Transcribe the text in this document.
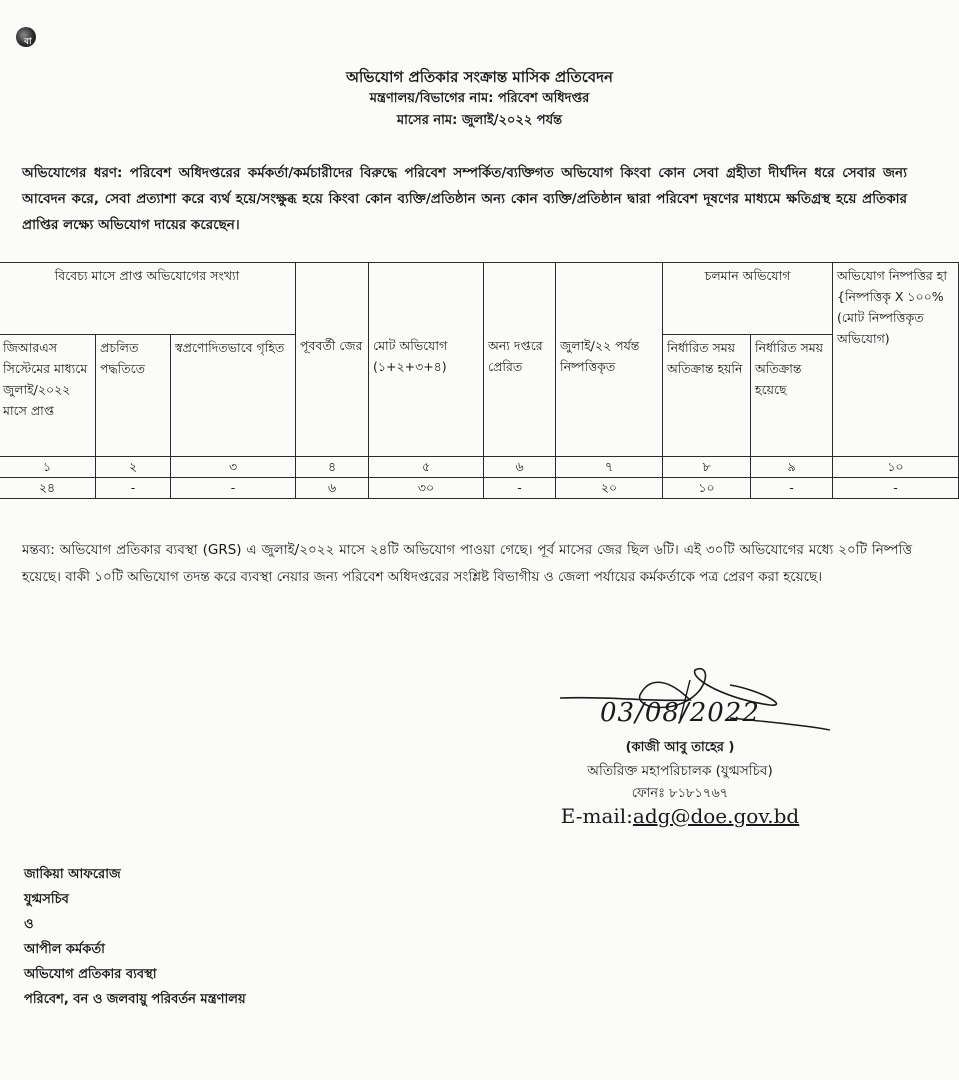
বা
অভিযোগ প্রতিকার সংক্রান্ত মাসিক প্রতিবেদন
মন্ত্রণালয়/বিভাগের নাম: পরিবেশ অধিদপ্তর
মাসের নাম: জুলাই/২০২২ পর্যন্ত
অভিযোগের ধরণ: পরিবেশ অধিদপ্তরের কর্মকর্তা/কর্মচারীদের বিরুদ্ধে পরিবেশ সম্পর্কিত/ব্যক্তিগত অভিযোগ কিংবা কোন সেবা গ্রহীতা দীর্ঘদিন ধরে সেবার জন্য আবেদন করে, সেবা প্রত্যাশা করে ব্যর্থ হয়ে/সংক্ষুব্ধ হয়ে কিংবা কোন ব্যক্তি/প্রতিষ্ঠান অন্য কোন ব্যক্তি/প্রতিষ্ঠান দ্বারা পরিবেশ দূষণের মাধ্যমে ক্ষতিগ্রস্থ হয়ে প্রতিকার প্রাপ্তির লক্ষ্যে অভিযোগ দায়ের করেছেন।
বিবেচ্য মাসে প্রাপ্ত অভিযোগের সংখ্যা			পূববর্তী জের	মোট অভিযোগ (১+২+৩+৪)	অন্য দপ্তরে প্রেরিত	জুলাই/২২ পর্যন্ত নিষ্পত্তিকৃত	চলমান অভিযোগ		অভিযোগ নিষ্পত্তির হা {নিষ্পত্তিকৃ X ১০০% (মোট নিষ্পত্তিকৃত অভিযোগ)
জিআরএস সিস্টেমের মাধ্যমে জুলাই/২০২২ মাসে প্রাপ্ত	প্রচলিত পদ্ধতিতে	স্বপ্রণোদিতভাবে গৃহিত					নির্ধারিত সময় অতিক্রান্ত হয়নি	নির্ধারিত সময় অতিক্রান্ত হয়েছে	
১	২	৩	৪	৫	৬	৭	৮	৯	১০
২৪	-	-	৬	৩০	-	২০	১০	-	-
মন্তব্য: অভিযোগ প্রতিকার ব্যবস্থা (GRS) এ জুলাই/২০২২ মাসে ২৪টি অভিযোগ পাওয়া গেছে। পূর্ব মাসের জের ছিল ৬টি। এই ৩০টি অভিযোগের মধ্যে ২০টি নিষ্পত্তি হয়েছে। বাকী ১০টি অভিযোগ তদন্ত করে ব্যবস্থা নেয়ার জন্য পরিবেশ অধিদপ্তরের সংশ্লিষ্ট বিভাগীয় ও জেলা পর্যায়ের কর্মকর্তাকে পত্র প্রেরণ করা হয়েছে।
03/08/2022
(কাজী আবু তাহের )
অতিরিক্ত মহাপরিচালক (যুগ্মসচিব)
ফোনঃ ৮১৮১৭৬৭
E-mail:adg@doe.gov.bd
জাকিয়া আফরোজ
যুগ্মসচিব
ও
আপীল কর্মকর্তা
অভিযোগ প্রতিকার ব্যবস্থা
পরিবেশ, বন ও জলবায়ু পরিবর্তন মন্ত্রণালয়
